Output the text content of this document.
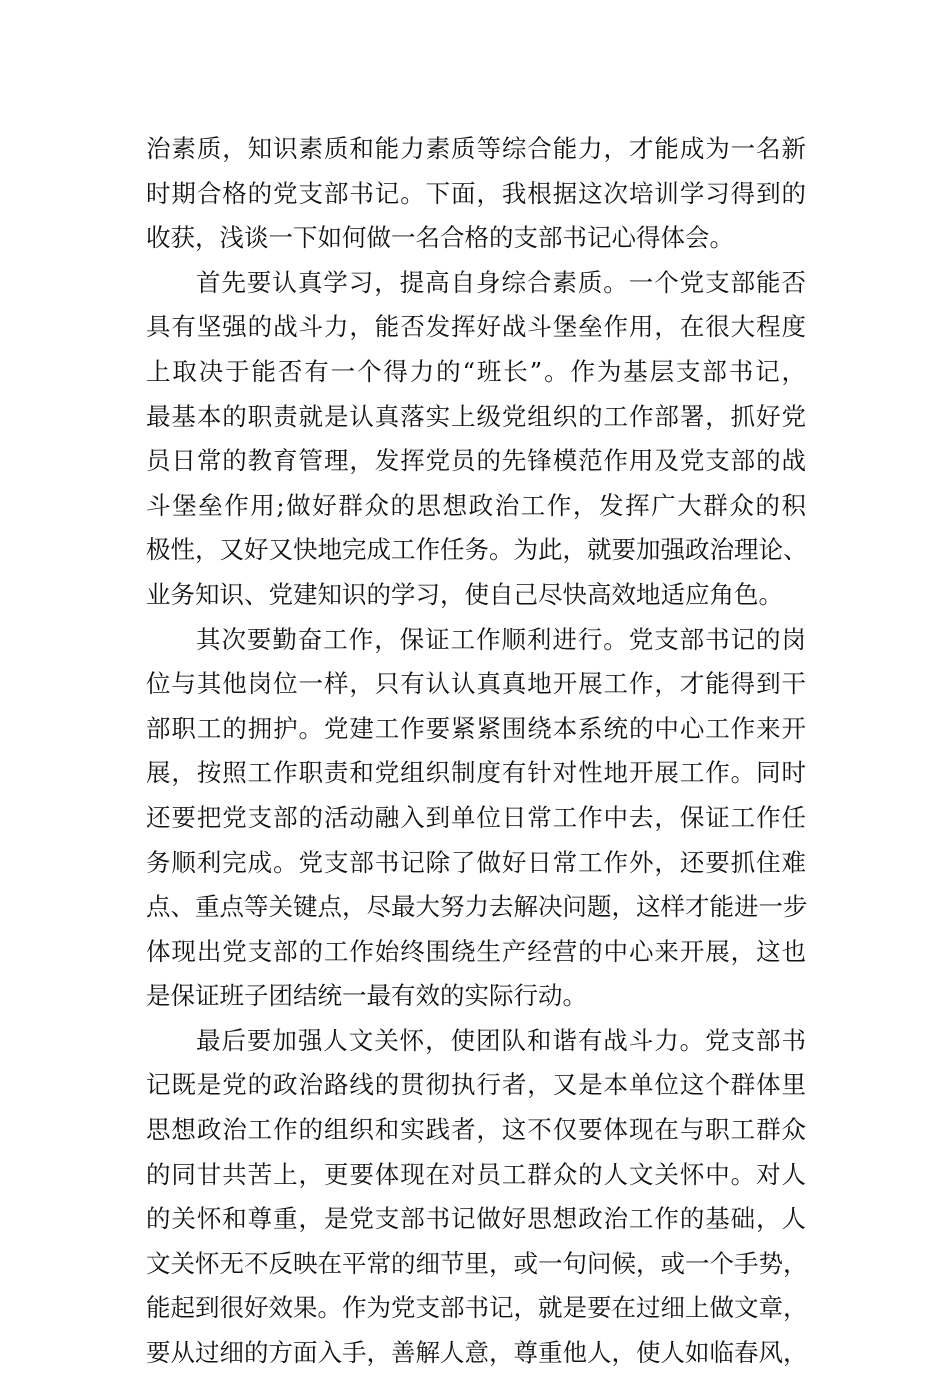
治素质，知识素质和能力素质等综合能力，才能成为一名新
时期合格的党支部书记。下面，我根据这次培训学习得到的
收获，浅谈一下如何做一名合格的支部书记心得体会。
首先要认真学习，提高自身综合素质。一个党支部能否
具有坚强的战斗力，能否发挥好战斗堡垒作用，在很大程度
上取决于能否有一个得力的“班长”。作为基层支部书记，
最基本的职责就是认真落实上级党组织的工作部署，抓好党
员日常的教育管理，发挥党员的先锋模范作用及党支部的战
斗堡垒作用;做好群众的思想政治工作，发挥广大群众的积
极性，又好又快地完成工作任务。为此，就要加强政治理论、
业务知识、党建知识的学习，使自己尽快高效地适应角色。
其次要勤奋工作，保证工作顺利进行。党支部书记的岗
位与其他岗位一样，只有认认真真地开展工作，才能得到干
部职工的拥护。党建工作要紧紧围绕本系统的中心工作来开
展，按照工作职责和党组织制度有针对性地开展工作。同时
还要把党支部的活动融入到单位日常工作中去，保证工作任
务顺利完成。党支部书记除了做好日常工作外，还要抓住难
点、重点等关键点，尽最大努力去解决问题，这样才能进一步
体现出党支部的工作始终围绕生产经营的中心来开展，这也
是保证班子团结统一最有效的实际行动。
最后要加强人文关怀，使团队和谐有战斗力。党支部书
记既是党的政治路线的贯彻执行者，又是本单位这个群体里
思想政治工作的组织和实践者，这不仅要体现在与职工群众
的同甘共苦上，更要体现在对员工群众的人文关怀中。对人
的关怀和尊重，是党支部书记做好思想政治工作的基础，人
文关怀无不反映在平常的细节里，或一句问候，或一个手势，
能起到很好效果。作为党支部书记，就是要在过细上做文章，
要从过细的方面入手，善解人意，尊重他人，使人如临春风，
